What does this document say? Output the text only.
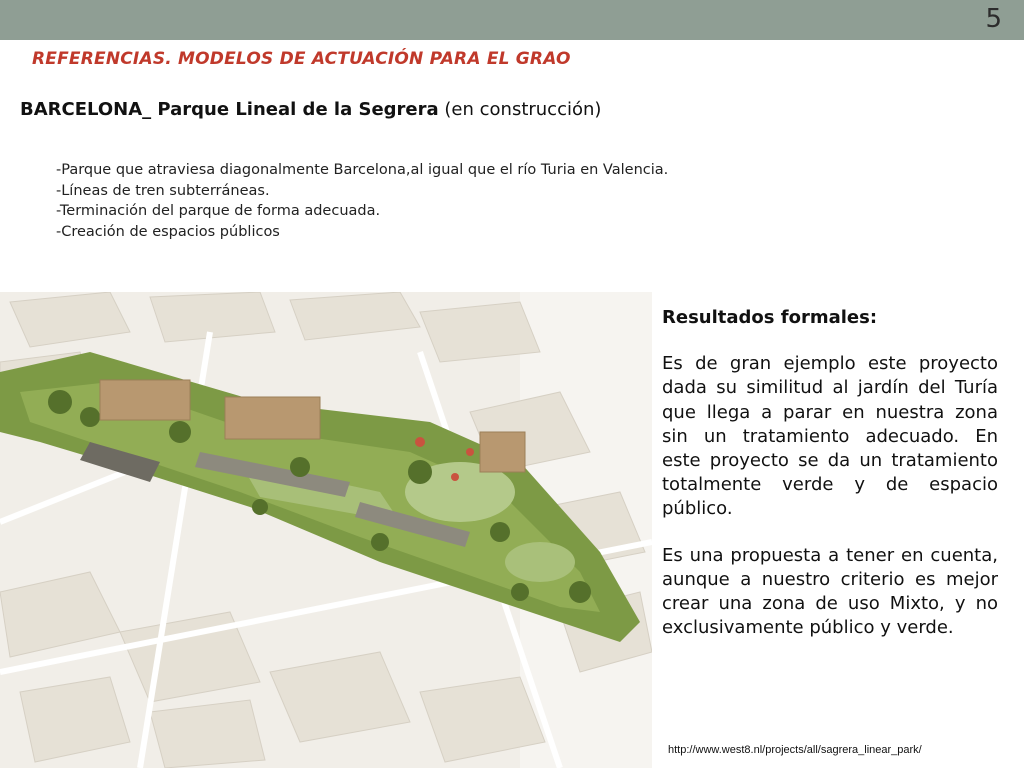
5
REFERENCIAS. MODELOS DE ACTUACIÓN PARA EL GRAO
BARCELONA_ Parque Lineal de la Segrera (en construcción)
-Parque que atraviesa diagonalmente Barcelona,al igual que el río Turia en Valencia.
-Líneas de tren subterráneas.
-Terminación del parque de forma adecuada.
-Creación de espacios públicos

Resultados formales:

Es de gran ejemplo este proyecto dada su similitud al jardín del Turía que llega a parar en nuestra zona sin un tratamiento adecuado. En este proyecto se da un tratamiento totalmente verde y de espacio público.

Es una propuesta a tener en cuenta, aunque a nuestro criterio es mejor crear una zona de uso Mixto, y no exclusivamente público y verde.

http://www.west8.nl/projects/all/sagrera_linear_park/
